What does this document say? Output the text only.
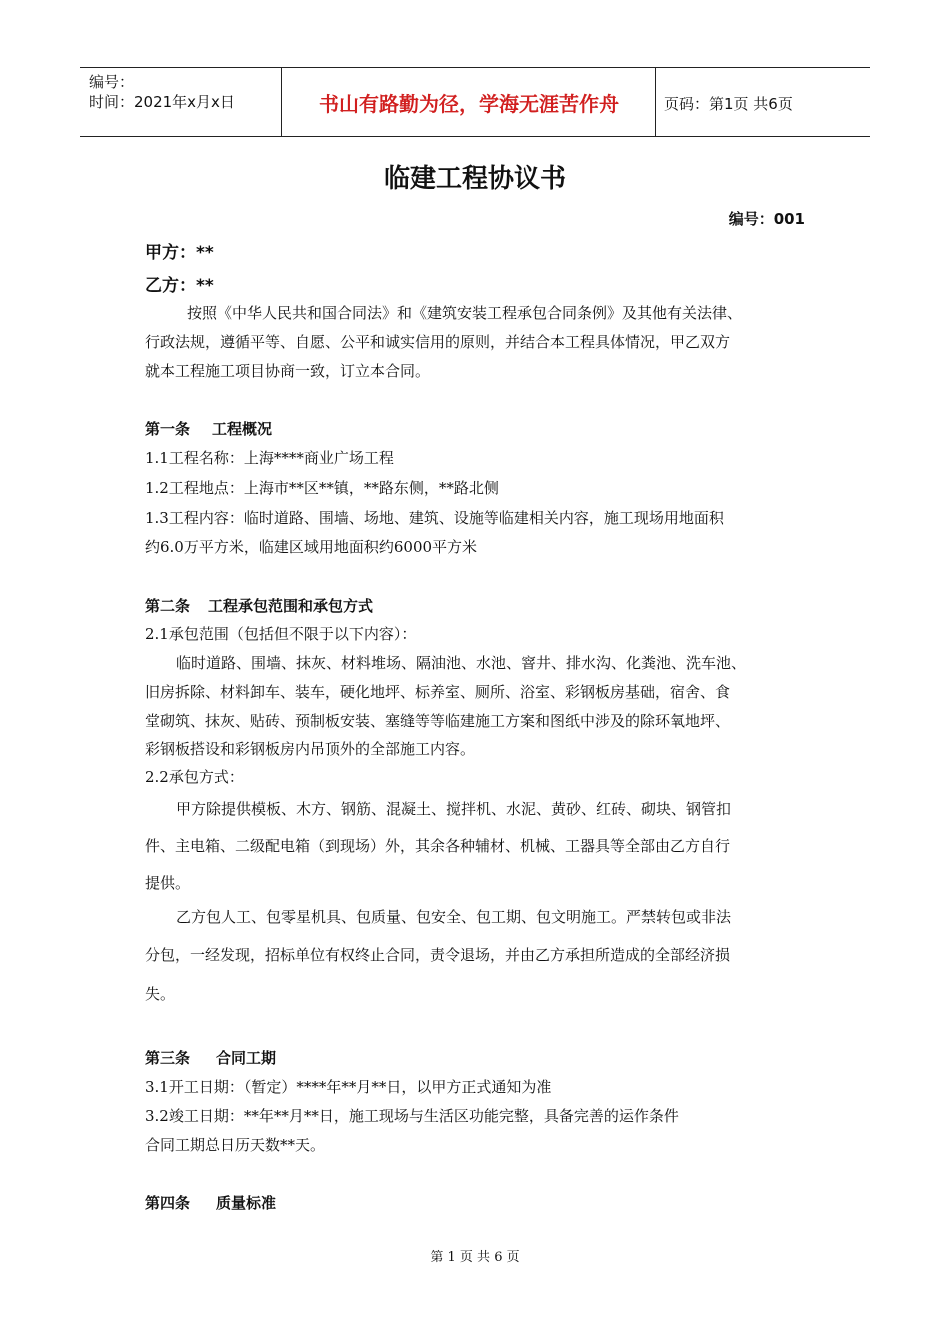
编号：
时间：2021年x月x日	书山有路勤为径，学海无涯苦作舟	页码：第1页 共6页
临建工程协议书
编号：001
甲方：**
乙方：**
按照《中华人民共和国合同法》和《建筑安装工程承包合同条例》及其他有关法律、
行政法规，遵循平等、自愿、公平和诚实信用的原则，并结合本工程具体情况，甲乙双方
就本工程施工项目协商一致，订立本合同。
第一条 工程概况
1.1工程名称：上海****商业广场工程
1.2工程地点：上海市**区**镇，**路东侧，**路北侧
1.3工程内容：临时道路、围墙、场地、建筑、设施等临建相关内容，施工现场用地面积
约6.0万平方米，临建区域用地面积约6000平方米
第二条 工程承包范围和承包方式
2.1承包范围（包括但不限于以下内容）：
临时道路、围墙、抹灰、材料堆场、隔油池、水池、窨井、排水沟、化粪池、洗车池、
旧房拆除、材料卸车、装车，硬化地坪、标养室、厕所、浴室、彩钢板房基础，宿舍、食
堂砌筑、抹灰、贴砖、预制板安装、塞缝等等临建施工方案和图纸中涉及的除环氧地坪、
彩钢板搭设和彩钢板房内吊顶外的全部施工内容。
2.2承包方式：
甲方除提供模板、木方、钢筋、混凝土、搅拌机、水泥、黄砂、红砖、砌块、钢管扣
件、主电箱、二级配电箱（到现场）外，其余各种辅材、机械、工器具等全部由乙方自行
提供。
乙方包人工、包零星机具、包质量、包安全、包工期、包文明施工。严禁转包或非法
分包，一经发现，招标单位有权终止合同，责令退场，并由乙方承担所造成的全部经济损
失。
第三条 合同工期
3.1开工日期：（暂定）****年**月**日，以甲方正式通知为准
3.2竣工日期：**年**月**日，施工现场与生活区功能完整，具备完善的运作条件
合同工期总日历天数**天。
第四条 质量标准
第 1 页 共 6 页
